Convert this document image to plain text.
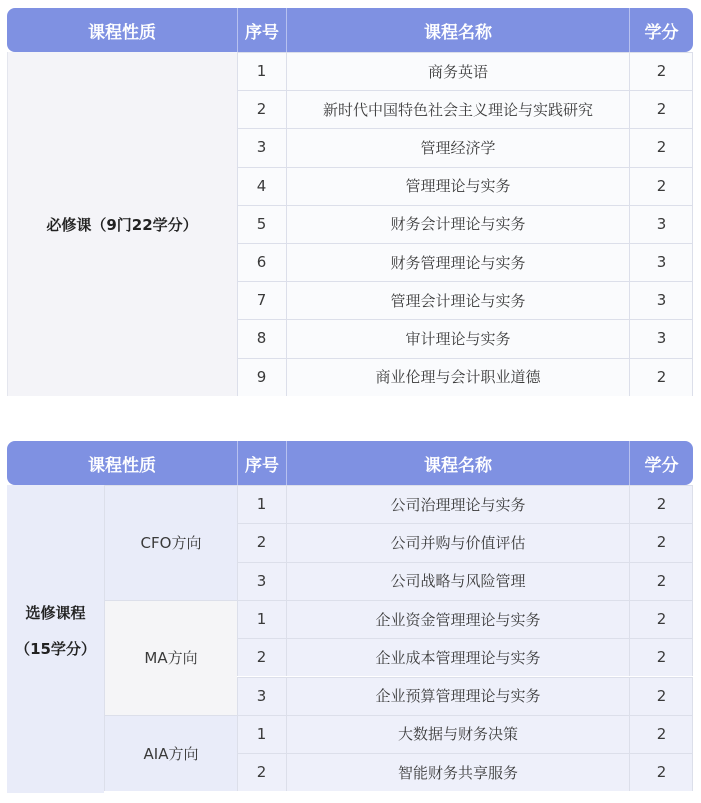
课程性质	序号	课程名称	学分
必修课（9门22学分）
1	商务英语	2
2	新时代中国特色社会主义理论与实践研究	2
3	管理经济学	2
4	管理理论与实务	2
5	财务会计理论与实务	3
6	财务管理理论与实务	3
7	管理会计理论与实务	3
8	审计理论与实务	3
9	商业伦理与会计职业道德	2
课程性质	序号	课程名称	学分
选修课程
（15学分）
CFO方向
1	公司治理理论与实务	2
2	公司并购与价值评估	2
3	公司战略与风险管理	2
MA方向
1	企业资金管理理论与实务	2
2	企业成本管理理论与实务	2
3	企业预算管理理论与实务	2
AIA方向
1	大数据与财务决策	2
2	智能财务共享服务	2
